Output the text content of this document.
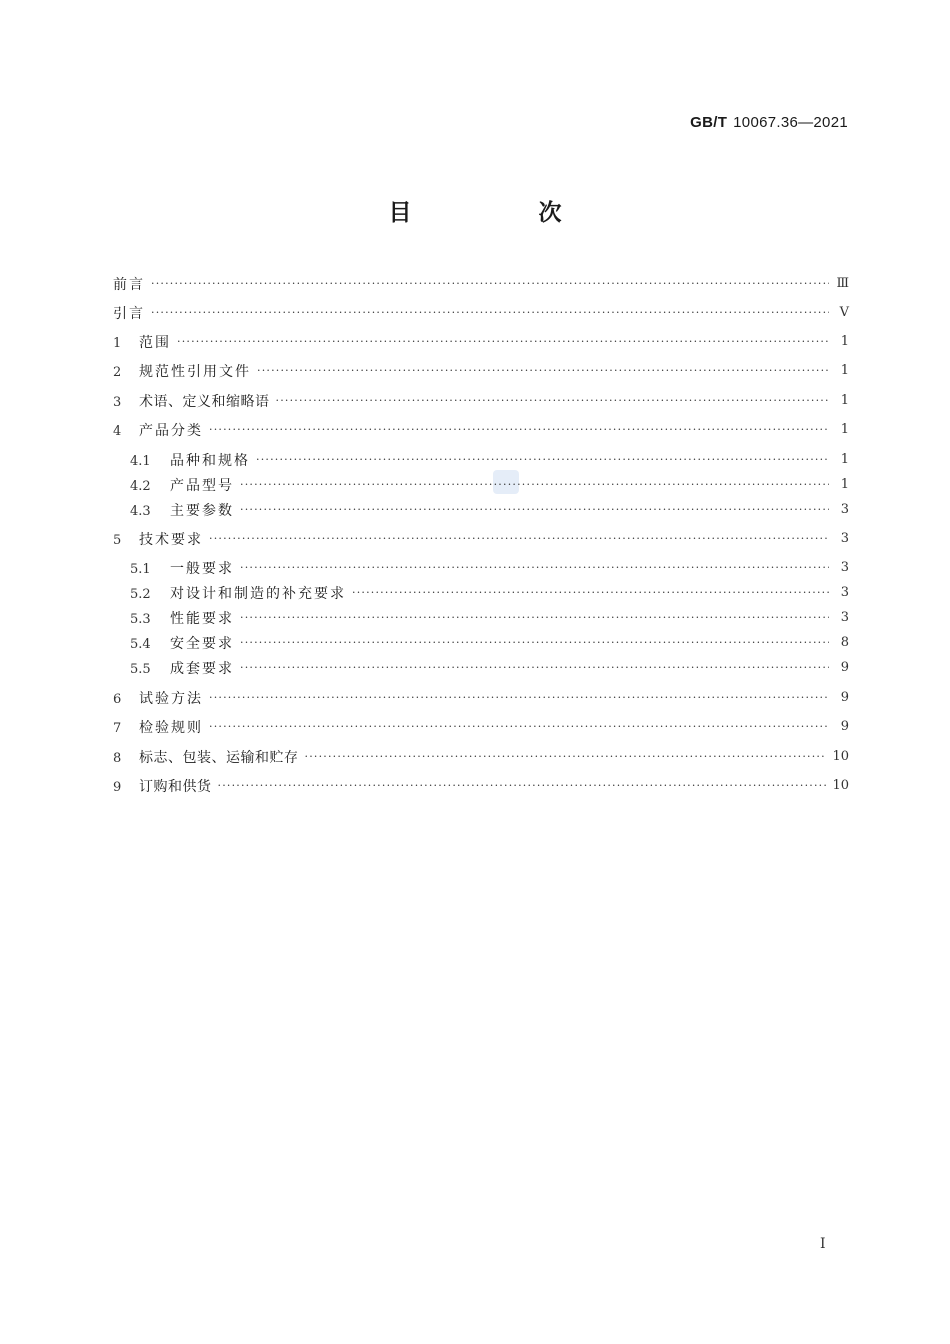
GB/T 10067.36—2021
目　次
前言 ·····	Ⅲ
引言 ·····	Ⅴ
1 范围 ·····	1
2 规范性引用文件 ·····	1
3 术语、定义和缩略语 ·····	1
4 产品分类 ·····	1
4.1 品种和规格 ·····	1
4.2 产品型号 ·····	1
4.3 主要参数 ·····	3
5 技术要求 ·····	3
5.1 一般要求 ·····	3
5.2 对设计和制造的补充要求 ·····	3
5.3 性能要求 ·····	3
5.4 安全要求 ·····	8
5.5 成套要求 ·····	9
6 试验方法 ·····	9
7 检验规则 ·····	9
8 标志、包装、运输和贮存 ·····	10
9 订购和供货 ·····	10
I
